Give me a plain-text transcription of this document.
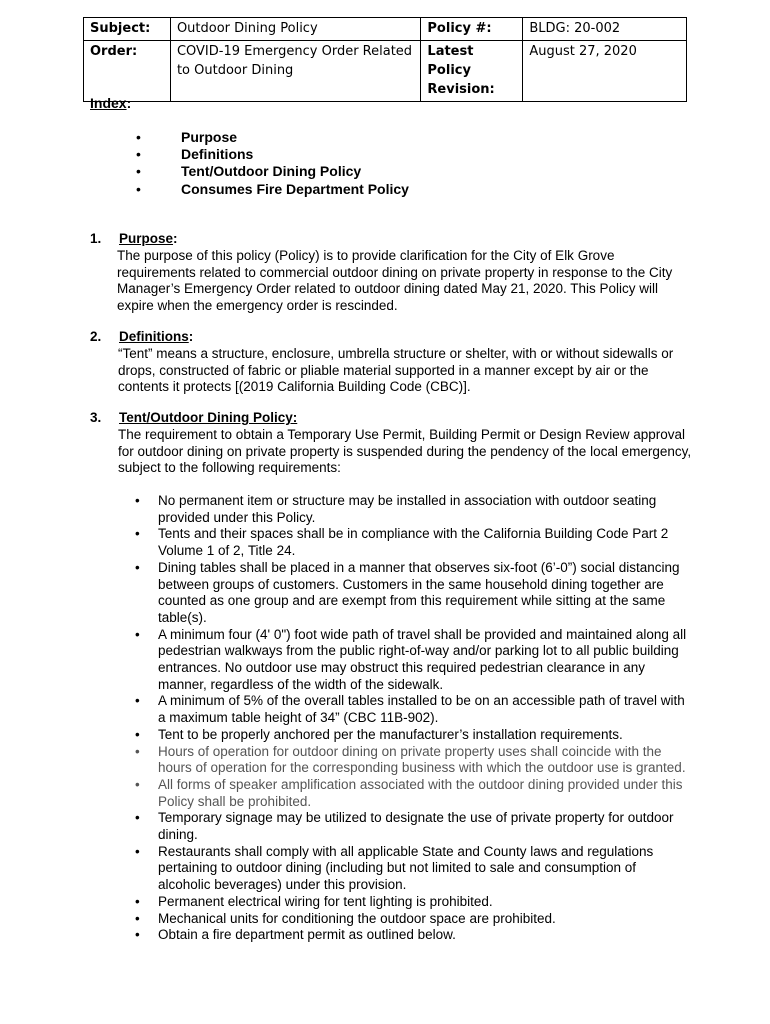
Subject:	Outdoor Dining Policy	Policy #:	BLDG: 20-002
Order:	COVID-19 Emergency Order Related to Outdoor Dining	Latest Policy Revision:	August 27, 2020
Index:
• Purpose
• Definitions
• Tent/Outdoor Dining Policy
• Consumes Fire Department Policy
1. Purpose:
The purpose of this policy (Policy) is to provide clarification for the City of Elk Grove requirements related to commercial outdoor dining on private property in response to the City Manager’s Emergency Order related to outdoor dining dated May 21, 2020. This Policy will expire when the emergency order is rescinded.
2. Definitions:
“Tent” means a structure, enclosure, umbrella structure or shelter, with or without sidewalls or drops, constructed of fabric or pliable material supported in a manner except by air or the contents it protects [(2019 California Building Code (CBC)].
3. Tent/Outdoor Dining Policy:
The requirement to obtain a Temporary Use Permit, Building Permit or Design Review approval for outdoor dining on private property is suspended during the pendency of the local emergency, subject to the following requirements:
• No permanent item or structure may be installed in association with outdoor seating provided under this Policy.
• Tents and their spaces shall be in compliance with the California Building Code Part 2 Volume 1 of 2, Title 24.
• Dining tables shall be placed in a manner that observes six-foot (6’-0”) social distancing between groups of customers. Customers in the same household dining together are counted as one group and are exempt from this requirement while sitting at the same table(s).
• A minimum four (4' 0") foot wide path of travel shall be provided and maintained along all pedestrian walkways from the public right-of-way and/or parking lot to all public building entrances. No outdoor use may obstruct this required pedestrian clearance in any manner, regardless of the width of the sidewalk.
• A minimum of 5% of the overall tables installed to be on an accessible path of travel with a maximum table height of 34” (CBC 11B-902).
• Tent to be properly anchored per the manufacturer’s installation requirements.
• Hours of operation for outdoor dining on private property uses shall coincide with the hours of operation for the corresponding business with which the outdoor use is granted.
• All forms of speaker amplification associated with the outdoor dining provided under this Policy shall be prohibited.
• Temporary signage may be utilized to designate the use of private property for outdoor dining.
• Restaurants shall comply with all applicable State and County laws and regulations pertaining to outdoor dining (including but not limited to sale and consumption of alcoholic beverages) under this provision.
• Permanent electrical wiring for tent lighting is prohibited.
• Mechanical units for conditioning the outdoor space are prohibited.
• Obtain a fire department permit as outlined below.
